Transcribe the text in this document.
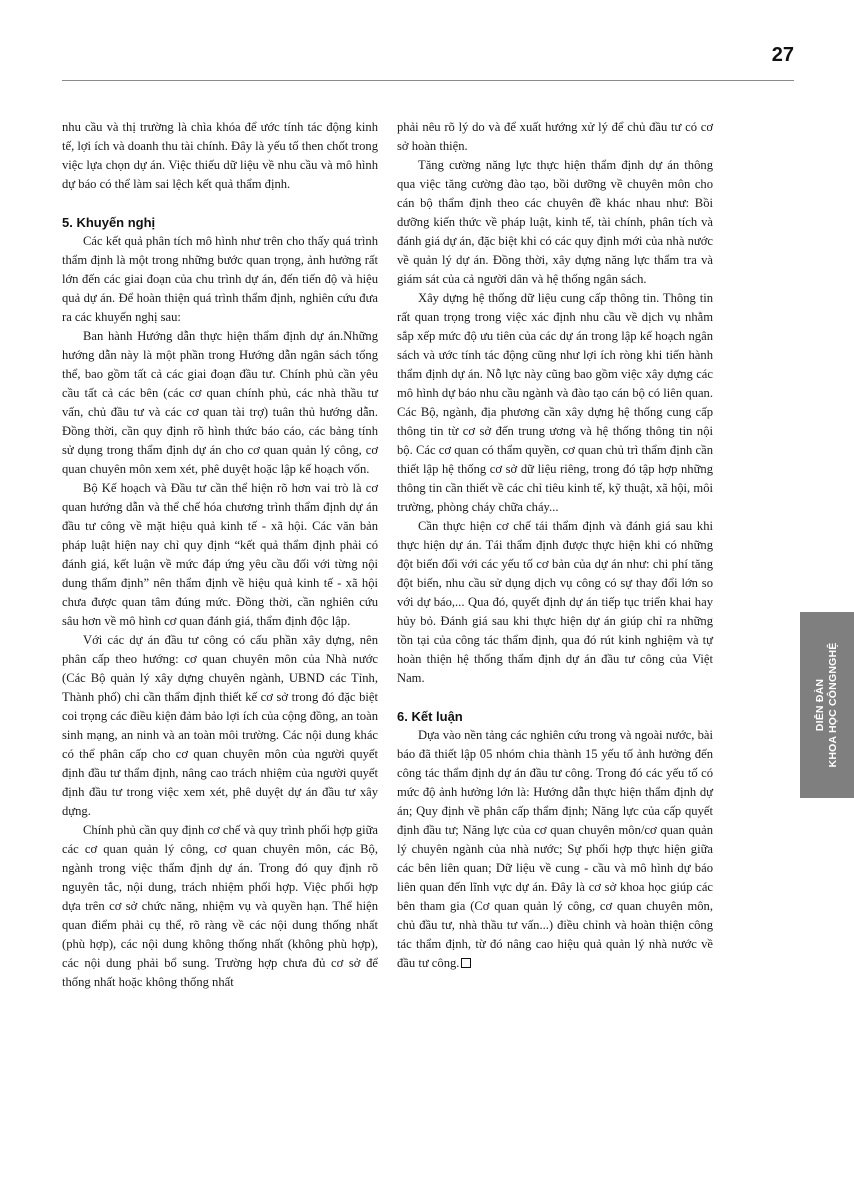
27

nhu cầu và thị trường là chìa khóa để ước tính tác động kinh tế, lợi ích và doanh thu tài chính. Đây là yếu tố then chốt trong việc lựa chọn dự án. Việc thiếu dữ liệu về nhu cầu và mô hình dự báo có thể làm sai lệch kết quả thẩm định.

5. Khuyến nghị

Các kết quả phân tích mô hình như trên cho thấy quá trình thẩm định là một trong những bước quan trọng, ảnh hưởng rất lớn đến các giai đoạn của chu trình dự án, đến tiến độ và hiệu quả dự án. Để hoàn thiện quá trình thẩm định, nghiên cứu đưa ra các khuyến nghị sau:

Ban hành Hướng dẫn thực hiện thẩm định dự án.Những hướng dẫn này là một phần trong Hướng dẫn ngân sách tổng thể, bao gồm tất cả các giai đoạn đầu tư. Chính phủ cần yêu cầu tất cả các bên (các cơ quan chính phủ, các nhà thầu tư vấn, chủ đầu tư và các cơ quan tài trợ) tuân thủ hướng dẫn. Đồng thời, cần quy định rõ hình thức báo cáo, các bảng tính sử dụng trong thẩm định dự án cho cơ quan quản lý công, cơ quan chuyên môn xem xét, phê duyệt hoặc lập kế hoạch vốn.

Bộ Kế hoạch và Đầu tư cần thể hiện rõ hơn vai trò là cơ quan hướng dẫn và thể chế hóa chương trình thẩm định dự án đầu tư công về mặt hiệu quả kinh tế - xã hội. Các văn bản pháp luật hiện nay chỉ quy định “kết quả thẩm định phải có đánh giá, kết luận về mức đáp ứng yêu cầu đối với từng nội dung thẩm định” nên thẩm định về hiệu quả kinh tế - xã hội chưa được quan tâm đúng mức. Đồng thời, cần nghiên cứu sâu hơn về mô hình cơ quan đánh giá, thẩm định độc lập.

Với các dự án đầu tư công có cấu phần xây dựng, nên phân cấp theo hướng: cơ quan chuyên môn của Nhà nước (Các Bộ quản lý xây dựng chuyên ngành, UBND các Tỉnh, Thành phố) chỉ cần thẩm định thiết kế cơ sở trong đó đặc biệt coi trọng các điều kiện đảm bảo lợi ích của cộng đồng, an toàn sinh mạng, an ninh và an toàn môi trường. Các nội dung khác có thể phân cấp cho cơ quan chuyên môn của người quyết định đầu tư thẩm định, nâng cao trách nhiệm của người quyết định đầu tư trong việc xem xét, phê duyệt dự án đầu tư xây dựng.

Chính phủ cần quy định cơ chế và quy trình phối hợp giữa các cơ quan quản lý công, cơ quan chuyên môn, các Bộ, ngành trong việc thẩm định dự án. Trong đó quy định rõ nguyên tắc, nội dung, trách nhiệm phối hợp. Việc phối hợp dựa trên cơ sở chức năng, nhiệm vụ và quyền hạn. Thể hiện quan điểm phải cụ thể, rõ ràng về các nội dung thống nhất (phù hợp), các nội dung không thống nhất (không phù hợp), các nội dung phải bổ sung. Trường hợp chưa đủ cơ sở để thống nhất hoặc không thống nhất

phải nêu rõ lý do và để xuất hướng xử lý để chủ đầu tư có cơ sở hoàn thiện.

Tăng cường năng lực thực hiện thẩm định dự án thông qua việc tăng cường đào tạo, bồi dưỡng về chuyên môn cho cán bộ thẩm định theo các chuyên đề khác nhau như: Bồi dưỡng kiến thức về pháp luật, kinh tế, tài chính, phân tích và đánh giá dự án, đặc biệt khi có các quy định mới của nhà nước về quản lý dự án. Đồng thời, xây dựng năng lực thẩm tra và giám sát của cả người dân và hệ thống ngân sách.

Xây dựng hệ thống dữ liệu cung cấp thông tin. Thông tin rất quan trọng trong việc xác định nhu cầu về dịch vụ nhằm sắp xếp mức độ ưu tiên của các dự án trong lập kế hoạch ngân sách và ước tính tác động cũng như lợi ích ròng khi tiến hành thẩm định dự án. Nỗ lực này cũng bao gồm việc xây dựng các mô hình dự báo nhu cầu ngành và đào tạo cán bộ có liên quan. Các Bộ, ngành, địa phương cần xây dựng hệ thống cung cấp thông tin từ cơ sở đến trung ương và hệ thống thông tin nội bộ. Các cơ quan có thẩm quyền, cơ quan chủ trì thẩm định cần thiết lập hệ thống cơ sở dữ liệu riêng, trong đó tập hợp những thông tin cần thiết về các chỉ tiêu kinh tế, kỹ thuật, xã hội, môi trường, phòng cháy chữa cháy...

Cần thực hiện cơ chế tái thẩm định và đánh giá sau khi thực hiện dự án. Tái thẩm định được thực hiện khi có những đột biến đối với các yếu tố cơ bản của dự án như: chi phí tăng đột biến, nhu cầu sử dụng dịch vụ công có sự thay đổi lớn so với dự báo,... Qua đó, quyết định dự án tiếp tục triển khai hay hủy bỏ. Đánh giá sau khi thực hiện dự án giúp chỉ ra những tồn tại của công tác thẩm định, qua đó rút kinh nghiệm và tự hoàn thiện hệ thống thẩm định dự án đầu tư công của Việt Nam.

6. Kết luận

Dựa vào nền tảng các nghiên cứu trong và ngoài nước, bài báo đã thiết lập 05 nhóm chia thành 15 yếu tố ảnh hưởng đến công tác thẩm định dự án đầu tư công. Trong đó các yếu tố có mức độ ảnh hưởng lớn là: Hướng dẫn thực hiện thẩm định dự án; Quy định về phân cấp thẩm định; Năng lực của cấp quyết định đầu tư; Năng lực của cơ quan chuyên môn/cơ quan quản lý chuyên ngành của nhà nước; Sự phối hợp thực hiện giữa các bên liên quan; Dữ liệu về cung - cầu và mô hình dự báo liên quan đến lĩnh vực dự án. Đây là cơ sở khoa học giúp các bên tham gia (Cơ quan quản lý công, cơ quan chuyên môn, chủ đầu tư, nhà thầu tư vấn...) điều chỉnh và hoàn thiện công tác thẩm định, từ đó nâng cao hiệu quả quản lý nhà nước về đầu tư công.

DIỄN ĐÀN KHOA HỌC CÔNGNGHỆ
